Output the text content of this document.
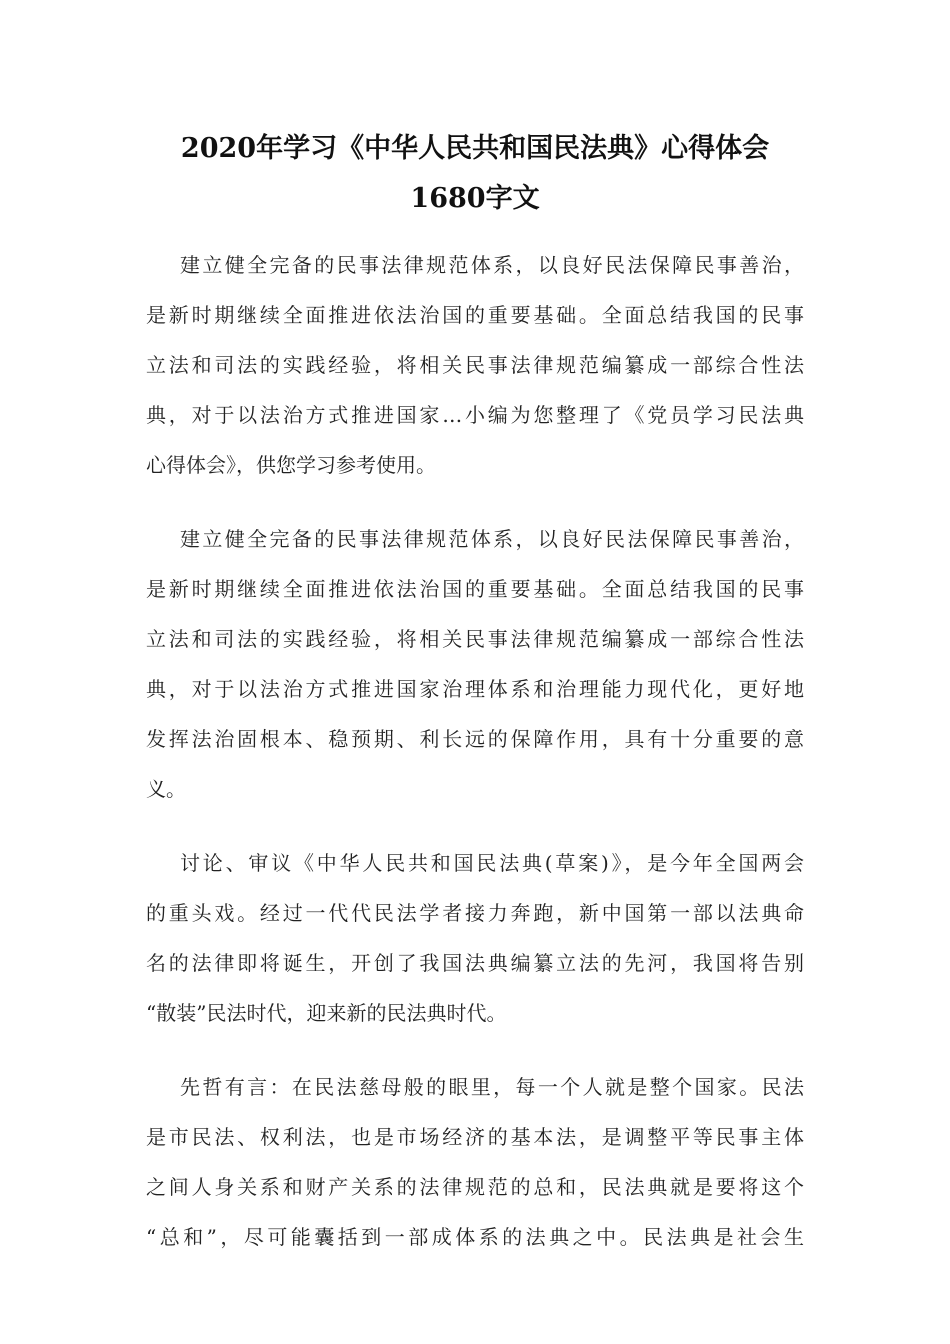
2020年学习《中华人民共和国民法典》心得体会
1680字文

建立健全完备的民事法律规范体系，以良好民法保障民事善治，
是新时期继续全面推进依法治国的重要基础。全面总结我国的民事
立法和司法的实践经验，将相关民事法律规范编纂成一部综合性法
典，对于以法治方式推进国家…小编为您整理了《党员学习民法典
心得体会》，供您学习参考使用。

建立健全完备的民事法律规范体系，以良好民法保障民事善治，
是新时期继续全面推进依法治国的重要基础。全面总结我国的民事
立法和司法的实践经验，将相关民事法律规范编纂成一部综合性法
典，对于以法治方式推进国家治理体系和治理能力现代化，更好地
发挥法治固根本、稳预期、利长远的保障作用，具有十分重要的意
义。

讨论、审议《中华人民共和国民法典(草案)》，是今年全国两会
的重头戏。经过一代代民法学者接力奔跑，新中国第一部以法典命
名的法律即将诞生，开创了我国法典编纂立法的先河，我国将告别
“散装”民法时代，迎来新的民法典时代。

先哲有言：在民法慈母般的眼里，每一个人就是整个国家。民法
是市民法、权利法，也是市场经济的基本法，是调整平等民事主体
之间人身关系和财产关系的法律规范的总和，民法典就是要将这个
“总和”，尽可能囊括到一部成体系的法典之中。民法典是社会生
